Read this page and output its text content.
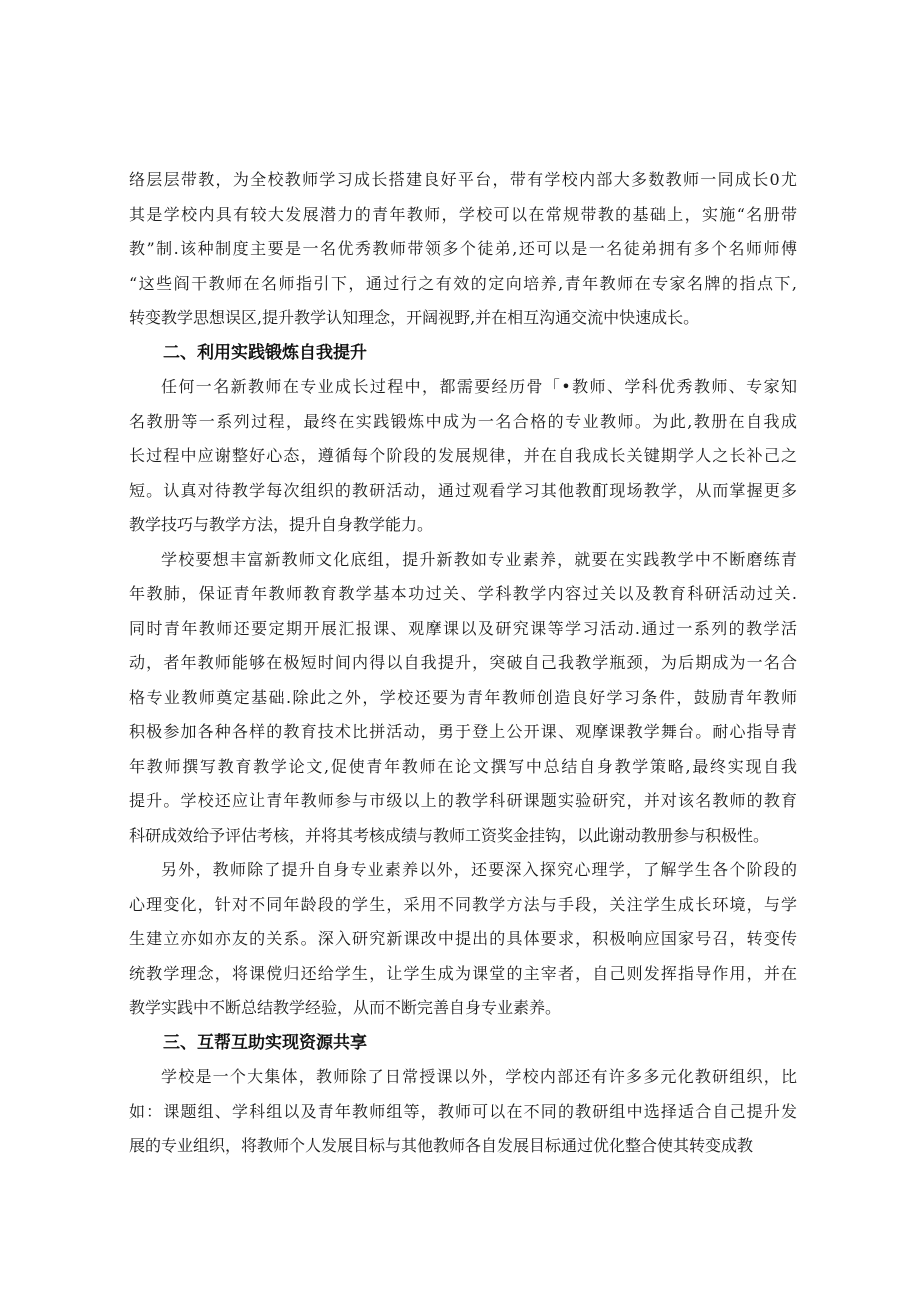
络层层带教，为全校教师学习成长搭建良好平台，带有学校内部大多数教师一同成长0尤
其是学校内具有较大发展潜力的青年教师，学校可以在常规带教的基础上，实施“名册带
教”制.该种制度主要是一名优秀教师带领多个徒弟,还可以是一名徒弟拥有多个名师师傅
“这些阎干教师在名师指引下，通过行之有效的定向培养,青年教师在专家名牌的指点下,
转变教学思想误区,提升教学认知理念，开阔视野,并在相互沟通交流中快速成长。
二、利用实践锻炼自我提升
任何一名新教师在专业成长过程中，都需要经历骨「•教师、学科优秀教师、专家知
名教册等一系列过程，最终在实践锻炼中成为一名合格的专业教师。为此,教册在自我成
长过程中应谢整好心态，遵循每个阶段的发展规律，并在自我成长关键期学人之长补己之
短。认真对待教学每次组织的教研活动，通过观看学习其他教酊现场教学，从而掌握更多
教学技巧与教学方法，提升自身教学能力。
学校要想丰富新教师文化底组，提升新教如专业素养，就要在实践教学中不断磨练青
年教肺，保证青年教师教育教学基本功过关、学科教学内容过关以及教育科研活动过关.
同时青年教师还要定期开展汇报课、观摩课以及研究课等学习活动.通过一系列的教学活
动，者年教师能够在极短时间内得以自我提升，突破自己我教学瓶颈，为后期成为一名合
格专业教师奠定基础.除此之外，学校还要为青年教师创造良好学习条件，鼓励青年教师
积极参加各种各样的教育技术比拼活动，勇于登上公开课、观摩课教学舞台。耐心指导青
年教师撰写教育教学论文,促使青年教师在论文撰写中总结自身教学策略,最终实现自我
提升。学校还应让青年教师参与市级以上的教学科研课题实验研究，并对该名教师的教育
科研成效给予评估考核，并将其考核成绩与教师工资奖金挂钩，以此谢动教册参与积极性。
另外，教师除了提升自身专业素养以外，还要深入探究心理学，了解学生各个阶段的
心理变化，针对不同年龄段的学生，采用不同教学方法与手段，关注学生成长环境，与学
生建立亦如亦友的关系。深入研究新课改中提出的具体要求，积极响应国家号召，转变传
统教学理念，将课傥归还给学生，让学生成为课堂的主宰者，自己则发挥指导作用，并在
教学实践中不断总结教学经验，从而不断完善自身专业素养。
三、互帮互助实现资源共享
学校是一个大集体，教师除了日常授课以外，学校内部还有许多多元化教研组织，比
如：课题组、学科组以及青年教师组等，教师可以在不同的教研组中选择适合自己提升发
展的专业组织，将教师个人发展目标与其他教师各自发展目标通过优化整合使其转变成教
